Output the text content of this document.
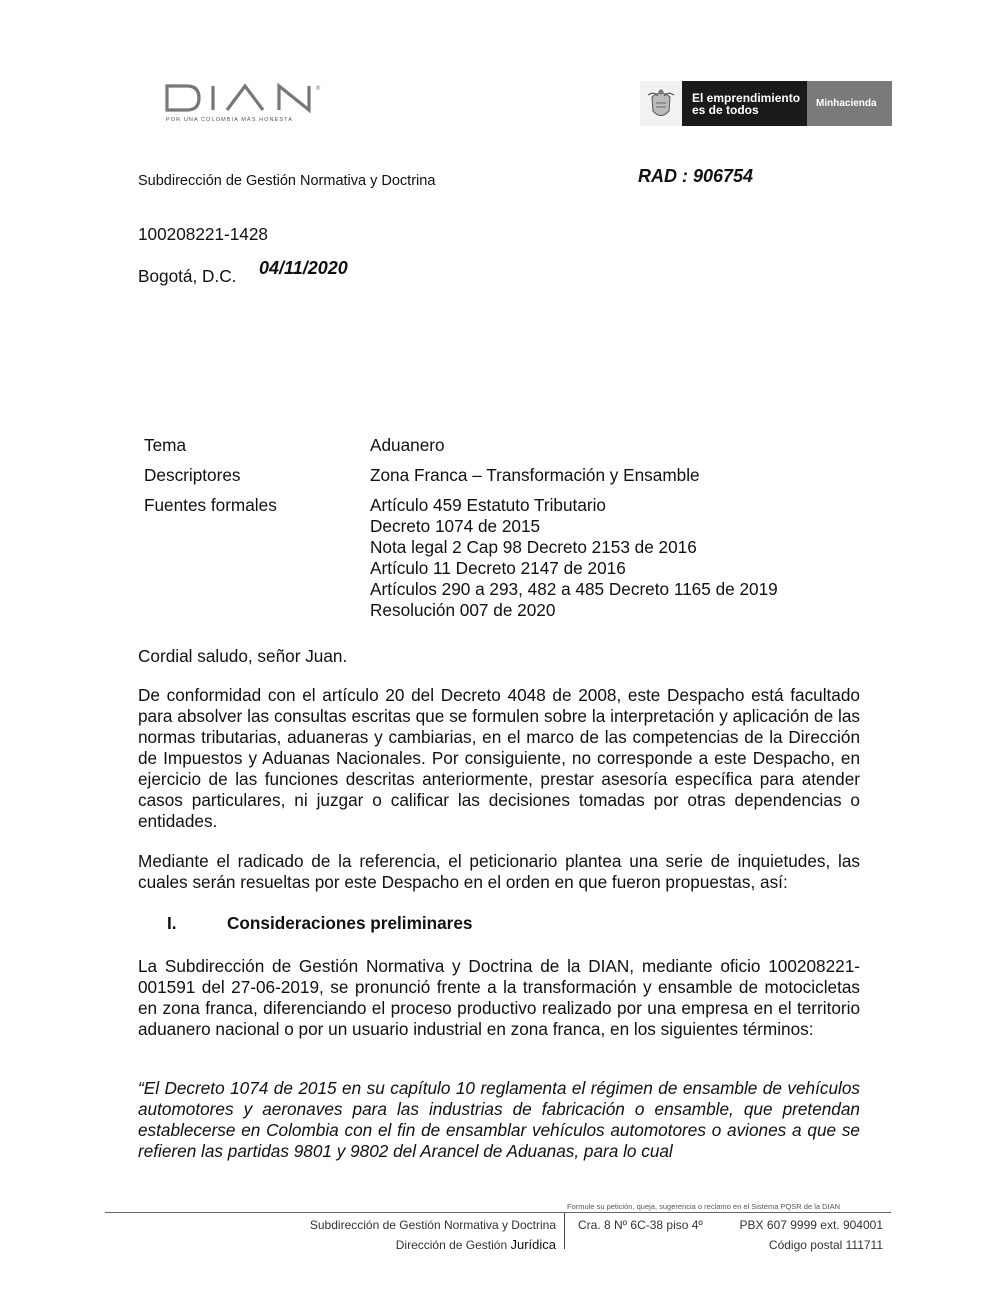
®
POR UNA COLOMBIA MÁS HONESTA
El emprendimiento
es de todos	Minhacienda
Subdirección de Gestión Normativa y Doctrina	RAD : 906754
100208221-1428
Bogotá, D.C. 04/11/2020
Tema	Aduanero
Descriptores	Zona Franca – Transformación y Ensamble
Fuentes formales	Artículo 459 Estatuto Tributario
Decreto 1074 de 2015
Nota legal 2 Cap 98 Decreto 2153 de 2016
Artículo 11 Decreto 2147 de 2016
Artículos 290 a 293, 482 a 485 Decreto 1165 de 2019
Resolución 007 de 2020
Cordial saludo, señor Juan.
De conformidad con el artículo 20 del Decreto 4048 de 2008, este Despacho está facultado para absolver las consultas escritas que se formulen sobre la interpretación y aplicación de las normas tributarias, aduaneras y cambiarias, en el marco de las competencias de la Dirección de Impuestos y Aduanas Nacionales. Por consiguiente, no corresponde a este Despacho, en ejercicio de las funciones descritas anteriormente, prestar asesoría específica para atender casos particulares, ni juzgar o calificar las decisiones tomadas por otras dependencias o entidades.
Mediante el radicado de la referencia, el peticionario plantea una serie de inquietudes, las cuales serán resueltas por este Despacho en el orden en que fueron propuestas, así:
I.	Consideraciones preliminares
La Subdirección de Gestión Normativa y Doctrina de la DIAN, mediante oficio 100208221-001591 del 27-06-2019, se pronunció frente a la transformación y ensamble de motocicletas en zona franca, diferenciando el proceso productivo realizado por una empresa en el territorio aduanero nacional o por un usuario industrial en zona franca, en los siguientes términos:
“El Decreto 1074 de 2015 en su capítulo 10 reglamenta el régimen de ensamble de vehículos automotores y aeronaves para las industrias de fabricación o ensamble, que pretendan establecerse en Colombia con el fin de ensamblar vehículos automotores o aviones a que se refieren las partidas 9801 y 9802 del Arancel de Aduanas, para lo cual
Formule su petición, queja, sugerencia o reclamo en el Sistema PQSR de la DIAN
Subdirección de Gestión Normativa y Doctrina
Dirección de Gestión Jurídica
Cra. 8 Nº 6C-38 piso 4º	PBX 607 9999 ext. 904001
Código postal 111711
